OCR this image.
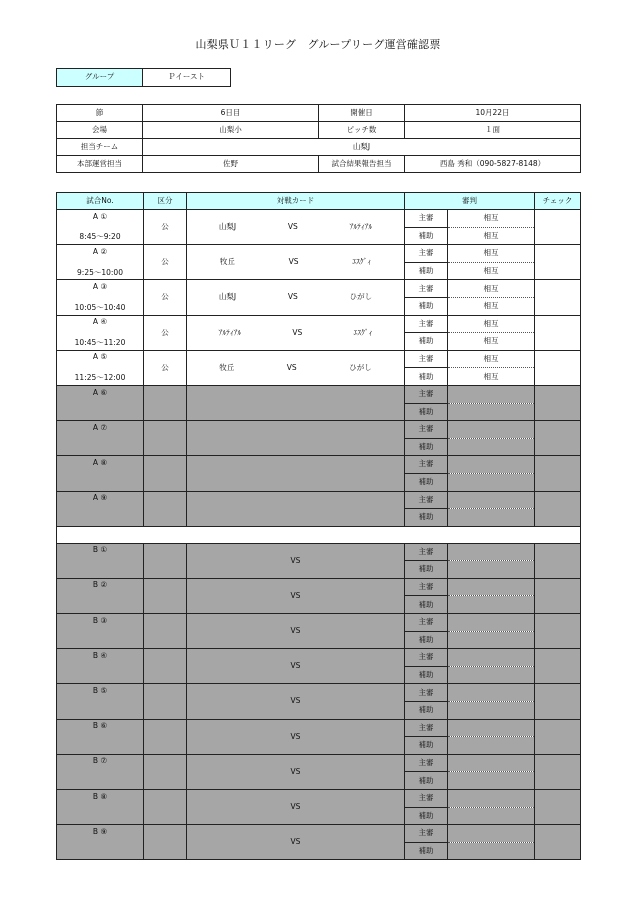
山梨県Ｕ１１リーグ　グループリーグ運営確認票
グループ	Ｐイースト
節	6日目	開催日	10月22日
会場	山梨小	ピッチ数	１面
担当チーム	山梨J		
本部運営担当	佐野	試合結果報告担当	西島 秀和（090-5827-8148）
試合No.	区分	対戦カード	審判		チェック

A ①
8:45～9:20	公	山梨J VS ｱﾙﾃｨｱﾙ	主審	相互	
			補助	相互	

A ②
9:25～10:00	公	牧丘 VS ｴｽｸﾞｨ	主審	相互	
			補助	相互	

A ③
10:05～10:40	公	山梨J VS ひがし	主審	相互	
			補助	相互	

A ④
10:45～11:20	公	ｱﾙﾃｨｱﾙ VS ｴｽｸﾞｨ	主審	相互	
			補助	相互	

A ⑤
11:25～12:00	公	牧丘 VS ひがし	主審	相互	
			補助	相互	

A ⑥			主審		
			補助		

A ⑦			主審		
			補助		

A ⑧			主審		
			補助		

A ⑨			主審		
			補助		

B ①		VS	主審		
			補助		

B ②		VS	主審		
			補助		

B ③		VS	主審		
			補助		

B ④		VS	主審		
			補助		

B ⑤		VS	主審		
			補助		

B ⑥		VS	主審		
			補助		

B ⑦		VS	主審		
			補助		

B ⑧		VS	主審		
			補助		

B ⑨		VS	主審		
			補助		
